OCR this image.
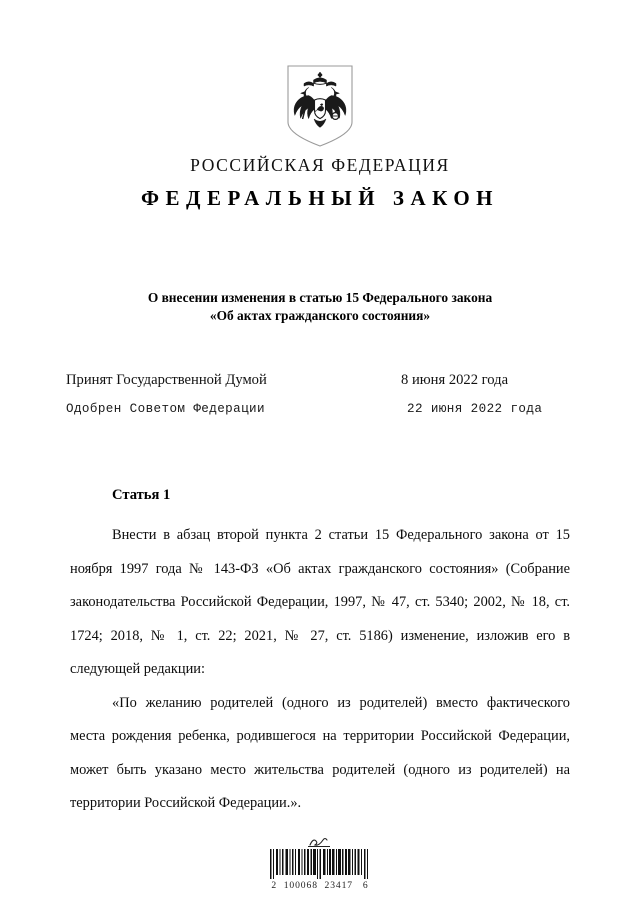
РОССИЙСКАЯ ФЕДЕРАЦИЯ
ФЕДЕРАЛЬНЫЙ ЗАКОН
О внесении изменения в статью 15 Федерального закона
«Об актах гражданского состояния»
Принят Государственной Думой	8 июня 2022 года
Одобрен Советом Федерации	22 июня 2022 года
Статья 1

Внести в абзац второй пункта 2 статьи 15 Федерального закона от 15 ноября 1997 года № 143-ФЗ «Об актах гражданского состояния» (Собрание законодательства Российской Федерации, 1997, № 47, ст. 5340; 2002, № 18, ст. 1724; 2018, № 1, ст. 22; 2021, № 27, ст. 5186) изменение, изложив его в следующей редакции:

«По желанию родителей (одного из родителей) вместо фактического места рождения ребенка, родившегося на территории Российской Федерации, может быть указано место жительства родителей (одного из родителей) на территории Российской Федерации.».

2  100068  23417   6
